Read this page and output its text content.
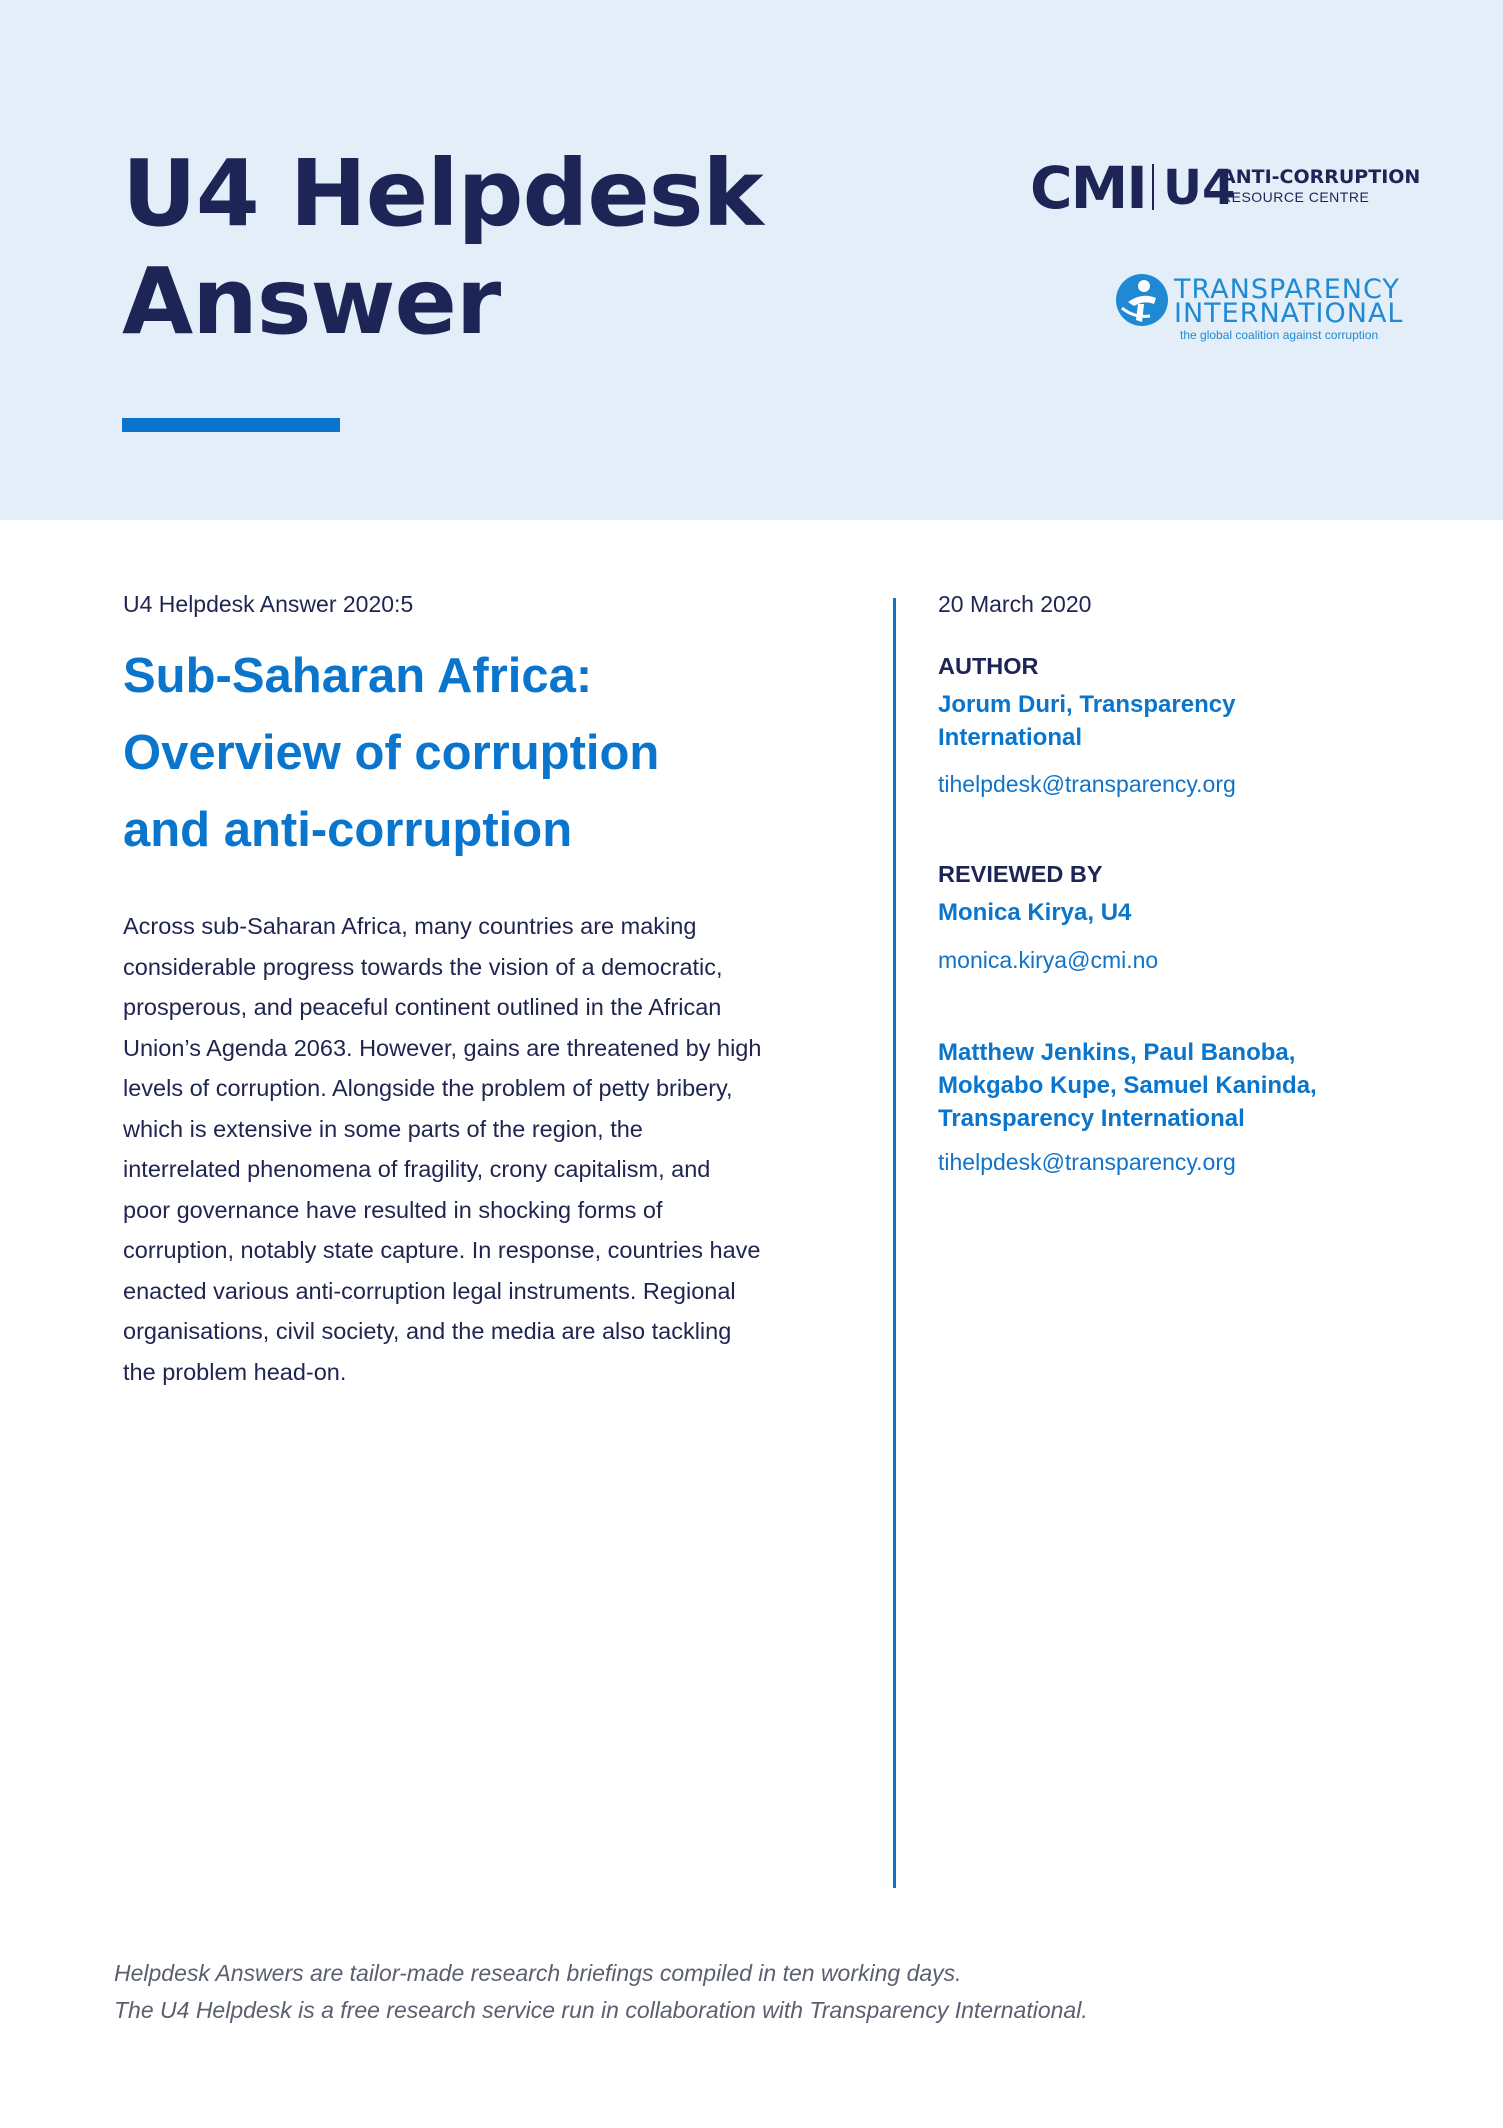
U4 Helpdesk
Answer
CMI U4
ANTI-CORRUPTION
RESOURCE CENTRE
TRANSPARENCY
INTERNATIONAL
the global coalition against corruption
U4 Helpdesk Answer 2020:5
Sub-Saharan Africa:
Overview of corruption
and anti-corruption
Across sub-Saharan Africa, many countries are making
considerable progress towards the vision of a democratic,
prosperous, and peaceful continent outlined in the African
Union’s Agenda 2063. However, gains are threatened by high
levels of corruption. Alongside the problem of petty bribery,
which is extensive in some parts of the region, the
interrelated phenomena of fragility, crony capitalism, and
poor governance have resulted in shocking forms of
corruption, notably state capture. In response, countries have
enacted various anti-corruption legal instruments. Regional
organisations, civil society, and the media are also tackling
the problem head-on.
20 March 2020
AUTHOR
Jorum Duri, Transparency
International
tihelpdesk@transparency.org
REVIEWED BY
Monica Kirya, U4
monica.kirya@cmi.no
Matthew Jenkins, Paul Banoba,
Mokgabo Kupe, Samuel Kaninda,
Transparency International
tihelpdesk@transparency.org
Helpdesk Answers are tailor-made research briefings compiled in ten working days.
The U4 Helpdesk is a free research service run in collaboration with Transparency International.
